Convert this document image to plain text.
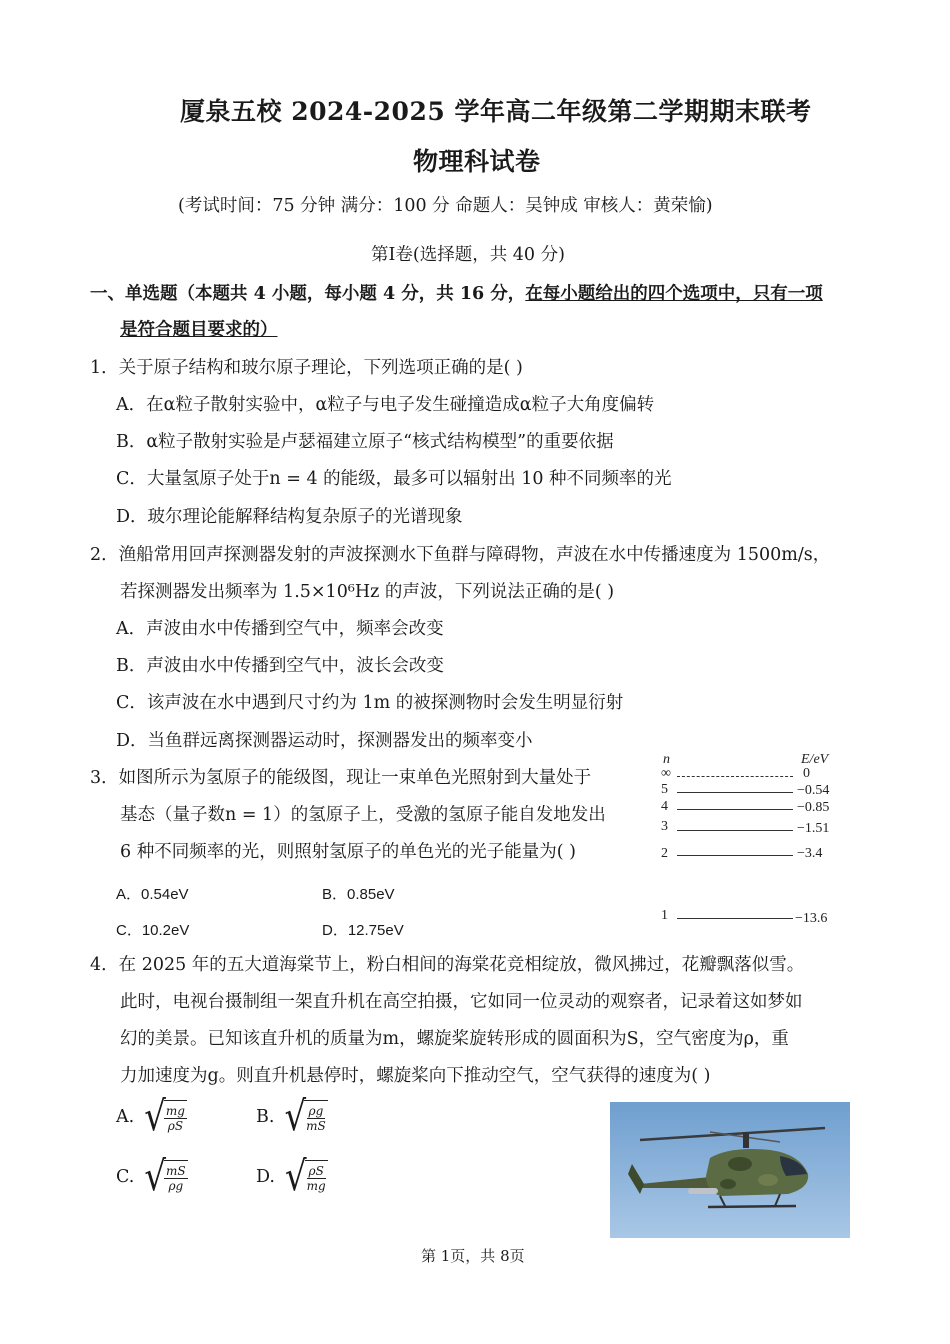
厦泉五校 2024-2025 学年高二年级第二学期期末联考
物理科试卷
(考试时间：75 分钟 满分：100 分 命题人：吴钟成 审核人：黄荣愉)
第Ⅰ卷(选择题，共 40 分)
一、单选题（本题共 4 小题，每小题 4 分，共 16 分，在每小题给出的四个选项中，只有一项
是符合题目要求的）
1．关于原子结构和玻尔原子理论，下列选项正确的是( )
A．在α粒子散射实验中，α粒子与电子发生碰撞造成α粒子大角度偏转
B．α粒子散射实验是卢瑟福建立原子“核式结构模型”的重要依据
C．大量氢原子处于n = 4 的能级，最多可以辐射出 10 种不同频率的光
D．玻尔理论能解释结构复杂原子的光谱现象
2．渔船常用回声探测器发射的声波探测水下鱼群与障碍物，声波在水中传播速度为 1500m/s，
若探测器发出频率为 1.5×10⁶Hz 的声波，下列说法正确的是( )
A．声波由水中传播到空气中，频率会改变
B．声波由水中传播到空气中，波长会改变
C．该声波在水中遇到尺寸约为 1m 的被探测物时会发生明显衍射
D．当鱼群远离探测器运动时，探测器发出的频率变小
3．如图所示为氢原子的能级图，现让一束单色光照射到大量处于
基态（量子数n = 1）的氢原子上，受激的氢原子能自发地发出
6 种不同频率的光，则照射氢原子的单色光的光子能量为( )
A．0.54eV	B．0.85eV
C．10.2eV	D．12.75eV
n	E/eV
∞	0
5	−0.54
4	−0.85
3	−1.51
2	−3.4
1	−13.6
4．在 2025 年的五大道海棠节上，粉白相间的海棠花竞相绽放，微风拂过，花瓣飘落似雪。
此时，电视台摄制组一架直升机在高空拍摄，它如同一位灵动的观察者，记录着这如梦如
幻的美景。已知该直升机的质量为m，螺旋桨旋转形成的圆面积为S，空气密度为ρ，重
力加速度为g。则直升机悬停时，螺旋桨向下推动空气，空气获得的速度为( )
A. √
$\frac{mg}{\rho S}$	B. √
$\frac{\rho g}{mS}$
C. √
$\frac{mS}{\rho g}$	D. √
$\frac{\rho S}{mg}$
第 1页，共 8页
